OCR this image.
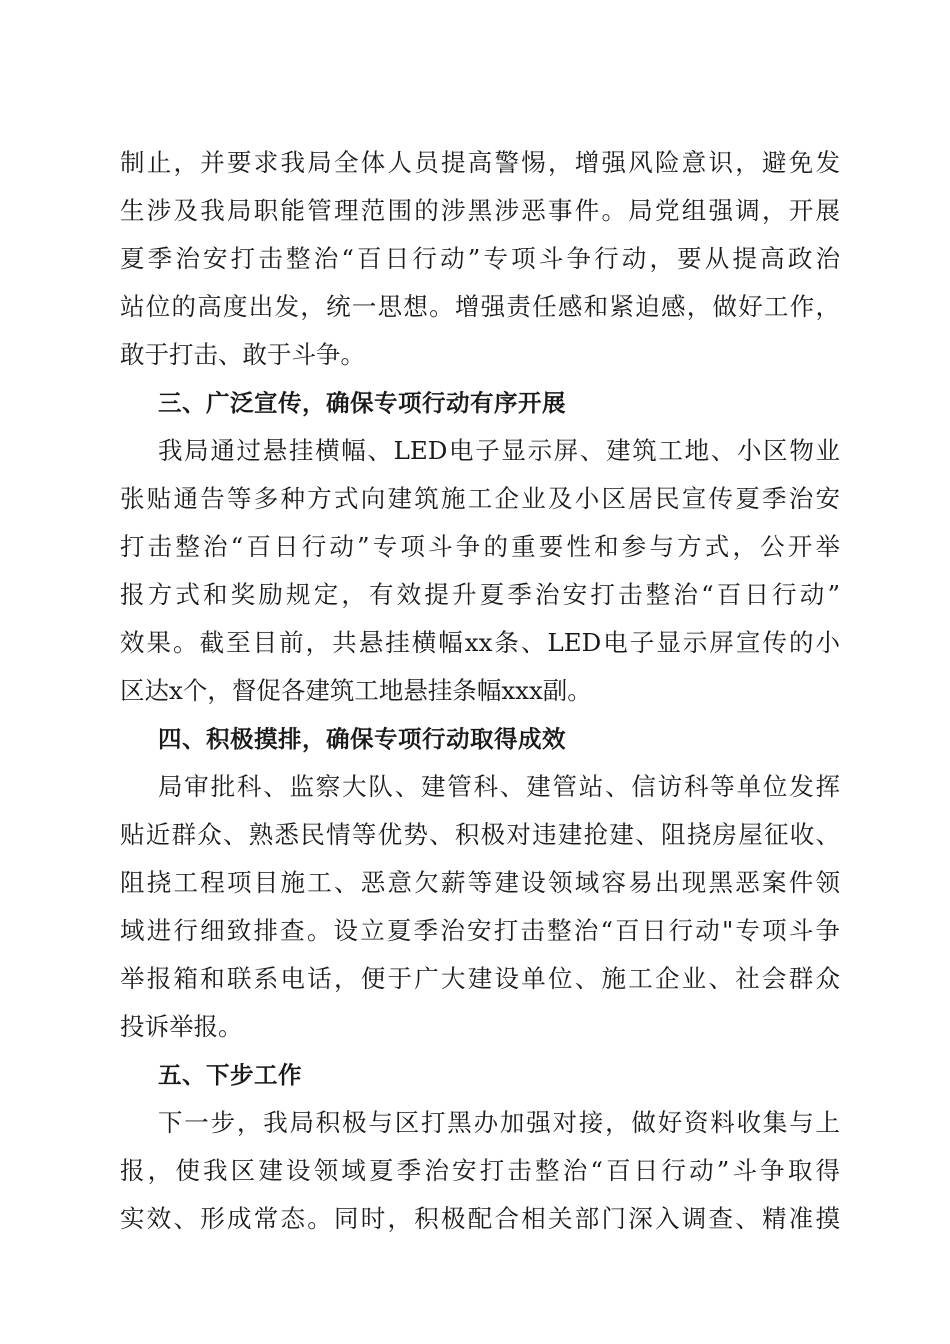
制止，并要求我局全体人员提高警惕，增强风险意识，避免发
生涉及我局职能管理范围的涉黑涉恶事件。局党组强调，开展
夏季治安打击整治“百日行动”专项斗争行动，要从提高政治
站位的高度出发，统一思想。增强责任感和紧迫感，做好工作，
敢于打击、敢于斗争。
三、广泛宣传，确保专项行动有序开展
我局通过悬挂横幅、LED电子显示屏、建筑工地、小区物业
张贴通告等多种方式向建筑施工企业及小区居民宣传夏季治安
打击整治“百日行动”专项斗争的重要性和参与方式，公开举
报方式和奖励规定，有效提升夏季治安打击整治“百日行动”
效果。截至目前，共悬挂横幅xx条、LED电子显示屏宣传的小
区达x个，督促各建筑工地悬挂条幅xxx副。
四、积极摸排，确保专项行动取得成效
局审批科、监察大队、建管科、建管站、信访科等单位发挥
贴近群众、熟悉民情等优势、积极对违建抢建、阻挠房屋征收、
阻挠工程项目施工、恶意欠薪等建设领域容易出现黑恶案件领
域进行细致排查。设立夏季治安打击整治“百日行动"专项斗争
举报箱和联系电话，便于广大建设单位、施工企业、社会群众
投诉举报。
五、下步工作
下一步，我局积极与区打黑办加强对接，做好资料收集与上
报，使我区建设领域夏季治安打击整治“百日行动”斗争取得
实效、形成常态。同时，积极配合相关部门深入调查、精准摸
